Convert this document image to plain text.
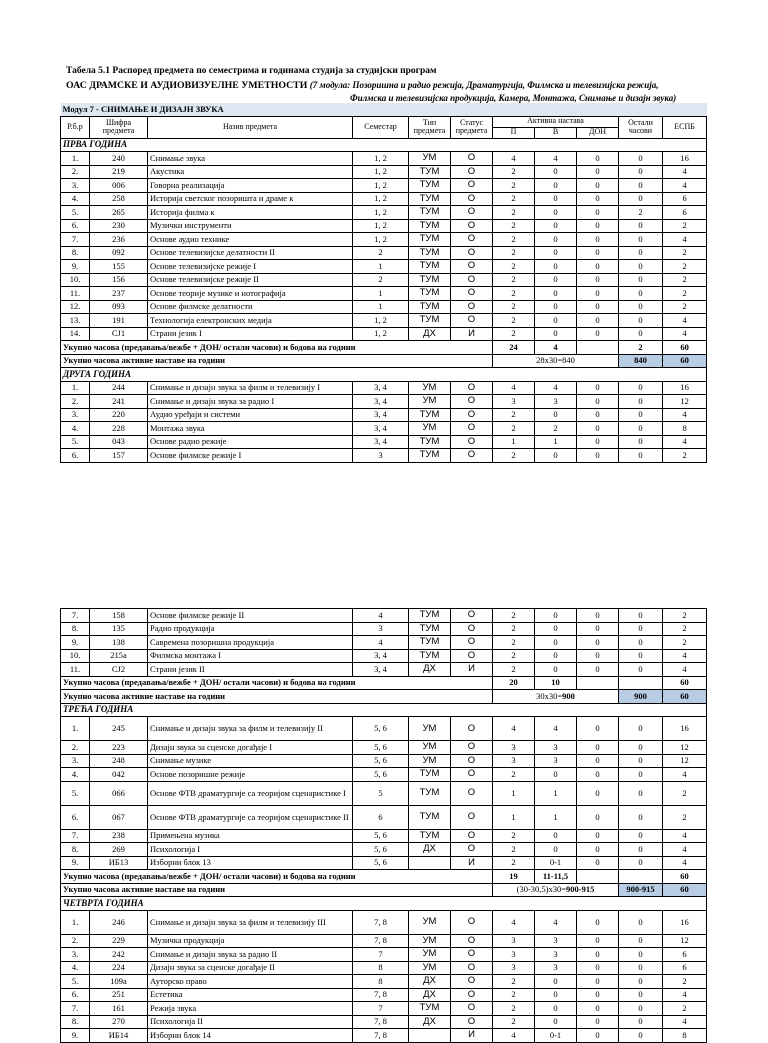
Табела 5.1 Распоред предмета по семестрима и годинама студија за студијски програм
ОАС ДРАМСКЕ И АУДИОВИЗУЕЛНЕ УМЕТНОСТИ (7 модула: Позоришна и радио режија, Драматургија, Филмска и телевизијска режија,
Филмска и телевизијска продукција, Камера, Монтажа, Снимање и дизајн звука)
Модул 7 - СНИМАЊЕ И ДИЗАЈН ЗВУКА										
Р.б.р	Шифра предмета	Назив предмета	Семестар	Тип предмета	Статус предмета	Активна настава			Остали часови	ЕСПБ
						П	В	ДОН		
ПРВА ГОДИНА										
1.	240	Снимање звука	1, 2	УМ	О	4	4	0	0	16
2.	219	Акустика	1, 2	ТУМ	О	2	0	0	0	4
3.	006	Говорна реализација	1, 2	ТУМ	О	2	0	0	0	4
4.	258	Историја светског позоришта и драме к	1, 2	ТУМ	О	2	0	0	0	6
5.	265	Историја филма к	1, 2	ТУМ	О	2	0	0	2	6
6.	230	Музички инструменти	1, 2	ТУМ	О	2	0	0	0	2
7.	236	Основе аудио технике	1, 2	ТУМ	О	2	0	0	0	4
8.	092	Основе телевизијске делатности II	2	ТУМ	О	2	0	0	0	2
9.	155	Основе телевизијске режије I	1	ТУМ	О	2	0	0	0	2
10.	156	Основе телевизијске режије II	2	ТУМ	О	2	0	0	0	2
11.	237	Основе теорије музике и нотографија	1	ТУМ	О	2	0	0	0	2
12.	093	Основе филмске делатности	1	ТУМ	О	2	0	0	0	2
13.	191	Технологија електронских медија	1, 2	ТУМ	О	2	0	0	0	4
14.	СЈ1	Страни језик I	1, 2	ДХ	И	2	0	0	0	4
Укупно часова (предавања/вежбе + ДОН/ остали часови) и бодова на години						24	4		2	60
Укупно часова активне наставе на години						28x30=840			840	60
ДРУГА ГОДИНА										
1.	244	Снимање и дизајн звука за филм и телевизију I	3, 4	УМ	О	4	4	0	0	16
2.	241	Снимање и дизајн звука за радио I	3, 4	УМ	О	3	3	0	0	12
3.	220	Аудио уређаји и системи	3, 4	ТУМ	О	2	0	0	0	4
4.	228	Монтажа звука	3, 4	УМ	О	2	2	0	0	8
5.	043	Основе радио режије	3, 4	ТУМ	О	1	1	0	0	4
6.	157	Основе филмске режије I	3	ТУМ	О	2	0	0	0	2
7.	158	Основе филмске режије II	4	ТУМ	О	2	0	0	0	2
8.	135	Радио продукција	3	ТУМ	О	2	0	0	0	2
9.	138	Савремена позоришна продукција	4	ТУМ	О	2	0	0	0	2
10.	215a	Филмска монтажа I	3, 4	ТУМ	О	2	0	0	0	4
11.	СЈ2	Страни језик II	3, 4	ДХ	И	2	0	0	0	4
Укупно часова (предавања/вежбе + ДОН/ остали часови) и бодова на години						20	10			60
Укупно часова активне наставе на години						30x30=900			900	60
ТРЕЋА ГОДИНА										
1.	245	Снимање и дизајн звука за филм и телевизију II	5, 6	УМ	О	4	4	0	0	16
2.	223	Дизајн звука за сценске догађаје I	5, 6	УМ	О	3	3	0	0	12
3.	248	Снимање музике	5, 6	УМ	О	3	3	0	0	12
4.	042	Основе позоришне режије	5, 6	ТУМ	О	2	0	0	0	4
5.	066	Основе ФТВ драматургије са теоријом сценаристике I	5	ТУМ	О	1	1	0	0	2
6.	067	Основе ФТВ драматургије са теоријом сценаристике II	6	ТУМ	О	1	1	0	0	2
7.	238	Примењена музика	5, 6	ТУМ	О	2	0	0	0	4
8.	269	Психологија I	5, 6	ДХ	О	2	0	0	0	4
9.	ИБ13	Изборни блок 13	5, 6		И	2	0-1	0	0	4
Укупно часова (предавања/вежбе + ДОН/ остали часови) и бодова на години						19	11-11,5			60
Укупно часова активне наставе на години						(30-30,5)x30=900-915			900-915	60
ЧЕТВРТА ГОДИНА										
1.	246	Снимање и дизајн звука за филм и телевизију III	7, 8	УМ	О	4	4	0	0	16
2.	229	Музичка продукција	7, 8	УМ	О	3	3	0	0	12
3.	242	Снимање и дизајн звука за радио II	7	УМ	О	3	3	0	0	6
4.	224	Дизајн звука за сценске догађаје II	8	УМ	О	3	3	0	0	6
5.	109a	Ауторско право	8	ДХ	О	2	0	0	0	2
6.	251	Естетика	7, 8	ДХ	О	2	0	0	0	4
7.	161	Режија звука	7	ТУМ	О	2	0	0	0	2
8.	270	Психологија II	7, 8	ДХ	О	2	0	0	0	4
9.	ИБ14	Изборни блок 14	7, 8		И	4	0-1	0	0	8
